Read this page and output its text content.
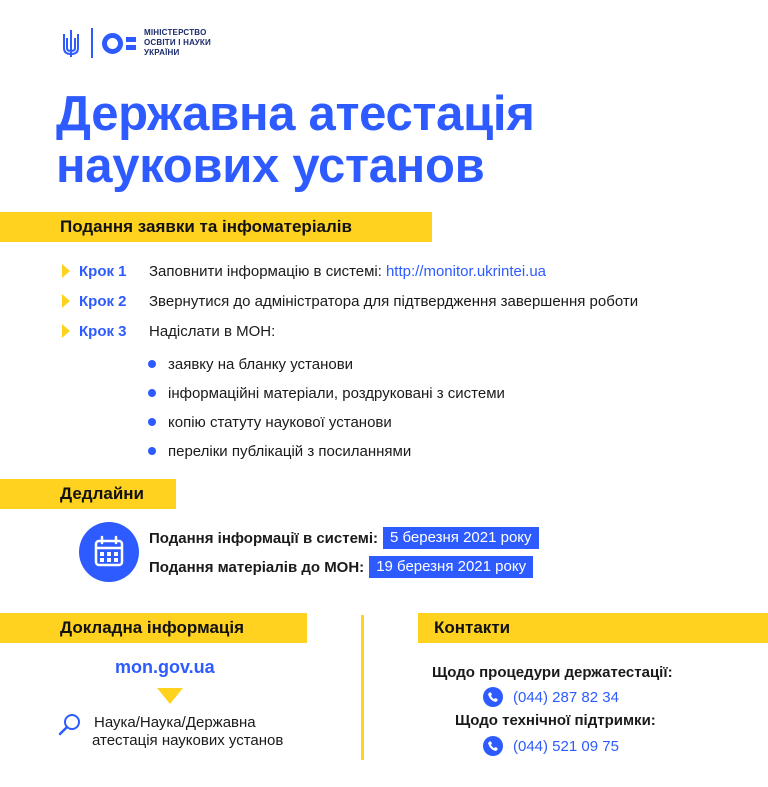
МІНІСТЕРСТВО
ОСВІТИ І НАУКИ
УКРАЇНИ
Державна атестація
наукових установ
Подання заявки та інфоматеріалів
Крок 1	Заповнити інформацію в системі: http://monitor.ukrintei.ua
Крок 2	Звернутися до адміністратора для підтвердження завершення роботи
Крок 3	Надіслати в МОН:
заявку на бланку установи
інформаційні матеріали, роздруковані з системи
копію статуту наукової установи
переліки публікацій з посиланнями
Дедлайни
Подання інформації в системі: 5 березня 2021 року
Подання матеріалів до МОН: 19 березня 2021 року
Докладна інформація	Контакти
mon.gov.ua
Наука/Наука/Державна
атестація наукових установ
Щодо процедури держатестації:
(044) 287 82 34
Щодо технічної підтримки:
(044) 521 09 75
